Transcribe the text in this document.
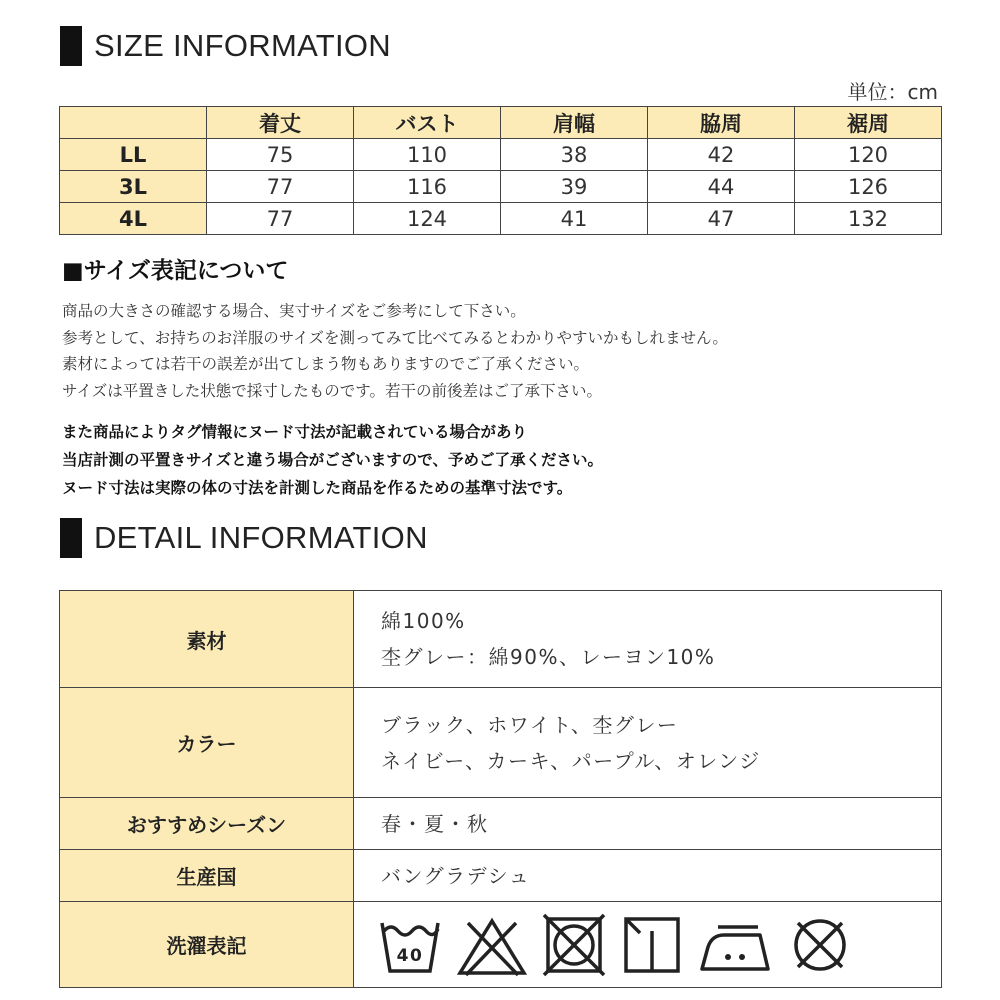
SIZE INFORMATION
単位：cm
	着丈	バスト	肩幅	脇周	裾周
LL	75	110	38	42	120
3L	77	116	39	44	126
4L	77	124	41	47	132
■サイズ表記について
商品の大きさの確認する場合、実寸サイズをご参考にして下さい。
参考として、お持ちのお洋服のサイズを測ってみて比べてみるとわかりやすいかもしれません。
素材によっては若干の誤差が出てしまう物もありますのでご了承ください。
サイズは平置きした状態で採寸したものです。若干の前後差はご了承下さい。
また商品によりタグ情報にヌード寸法が記載されている場合があり
当店計測の平置きサイズと違う場合がございますので、予めご了承ください。
ヌード寸法は実際の体の寸法を計測した商品を作るための基準寸法です。
DETAIL INFORMATION
素材	綿100%
杢グレー：綿90%、レーヨン10%

カラー	ブラック、ホワイト、杢グレー
ネイビー、カーキ、パープル、オレンジ

おすすめシーズン	春・夏・秋

生産国	バングラデシュ

洗濯表記	40
